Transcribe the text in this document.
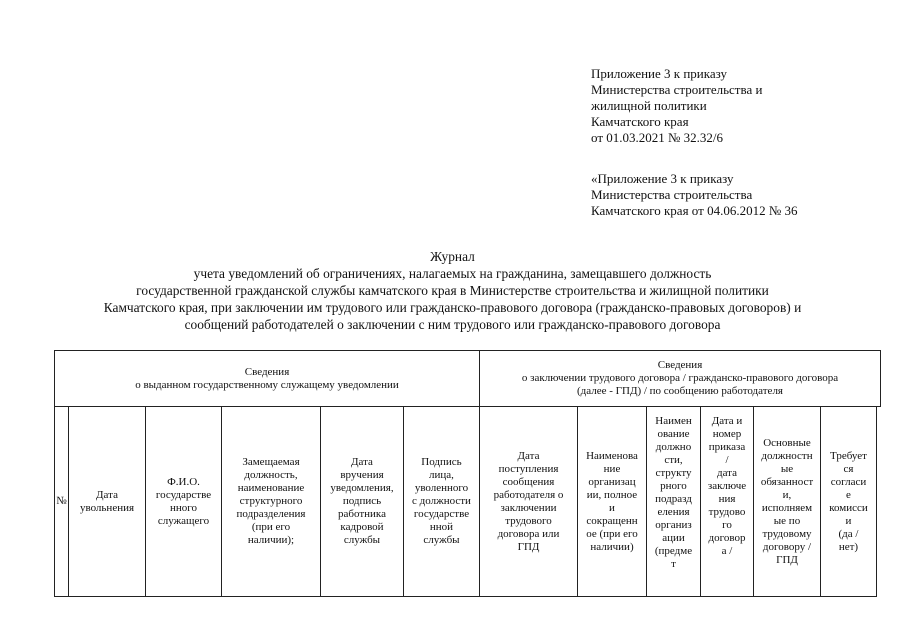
Приложение 3 к приказу
Министерства строительства и
жилищной политики
Камчатского края
от 01.03.2021 № 32.32/6
«Приложение 3 к приказу
Министерства строительства
Камчатского края от 04.06.2012 № 36
Журнал
учета уведомлений об ограничениях, налагаемых на гражданина, замещавшего должность
государственной гражданской службы камчатского края в Министерстве строительства и жилищной политики
Камчатского края, при заключении им трудового или гражданско-правового договора (гражданско-правовых договоров) и
сообщений работодателей о заключении с ним трудового или гражданско-правового договора
Сведения
о выданном государственному служащему уведомлении
Сведения
о заключении трудового договора / гражданско-правового договора
(далее - ГПД) / по сообщению работодателя
№
Дата
увольнения
Ф.И.О.
государстве
нного
служащего
Замещаемая
должность,
наименование
структурного
подразделения
(при его
наличии);
Дата
вручения
уведомления,
подпись
работника
кадровой
службы
Подпись
лица,
уволенного
с должности
государстве
нной
службы
Дата
поступления
сообщения
работодателя о
заключении
трудового
договора или
ГПД
Наименова
ние
организац
ии, полное
и
сокращенн
ое (при его
наличии)
Наимен
ование
должно
сти,
структу
рного
подразд
еления
организ
ации
(предме
т
Дата и
номер
приказа
/
дата
заключе
ния
трудово
го
договор
а /
Основные
должностн
ые
обязанност
и,
исполняем
ые по
трудовому
договору /
ГПД
Требует
ся
согласи
е
комисси
и
(да /
нет)
